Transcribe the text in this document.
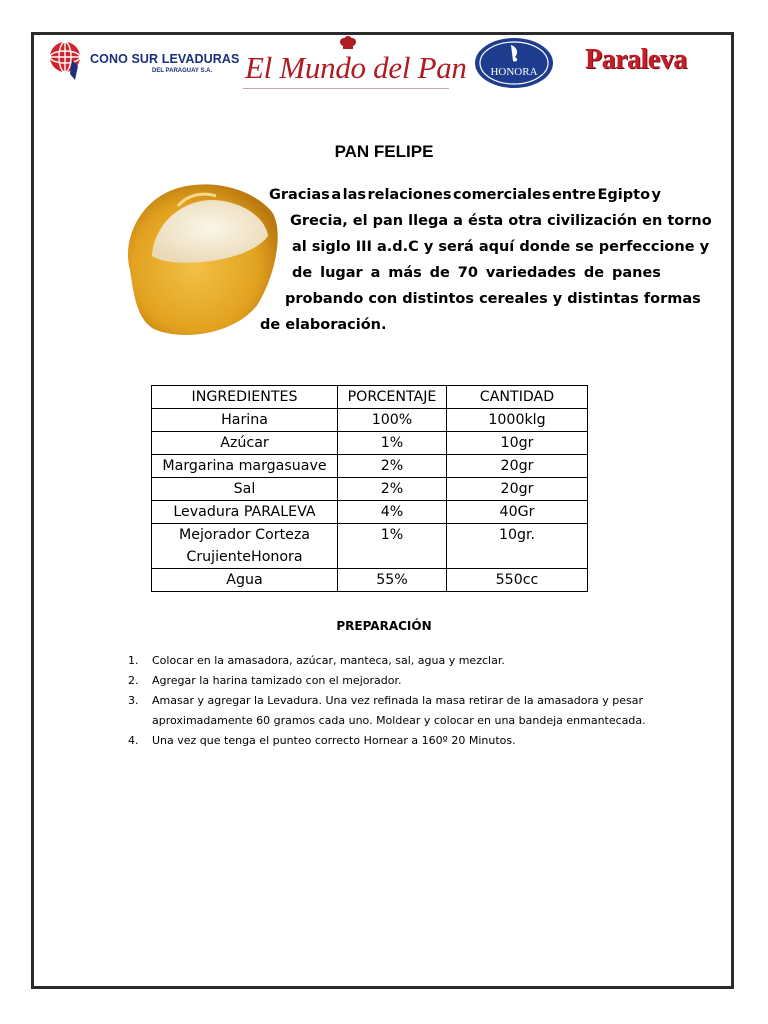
CONO SUR LEVADURAS
DEL PARAGUAY S.A. El Mundo del Pan HONORA Paraleva
PAN FELIPE
Gracias a las relaciones comerciales entre Egipto y
Grecia, el pan llega a ésta otra civilización en torno
al siglo III a.d.C y será aquí donde se perfeccione y
de lugar a más de 70 variedades de panes
probando con distintos cereales y distintas formas
de elaboración.
INGREDIENTES	PORCENTAJE	CANTIDAD
Harina	100%	1000klg
Azúcar	1%	10gr
Margarina margasuave	2%	20gr
Sal	2%	20gr
Levadura PARALEVA	4%	40Gr
Mejorador Corteza CrujienteHonora	1%	10gr.
Agua	55%	550cc
PREPARACIÓN
1. Colocar en la amasadora, azúcar, manteca, sal, agua y mezclar.
2. Agregar la harina tamizado con el mejorador.
3. Amasar y agregar la Levadura. Una vez refinada la masa retirar de la amasadora y pesar aproximadamente 60 gramos cada uno. Moldear y colocar en una bandeja enmantecada.
4. Una vez que tenga el punteo correcto Hornear a 160º 20 Minutos.
